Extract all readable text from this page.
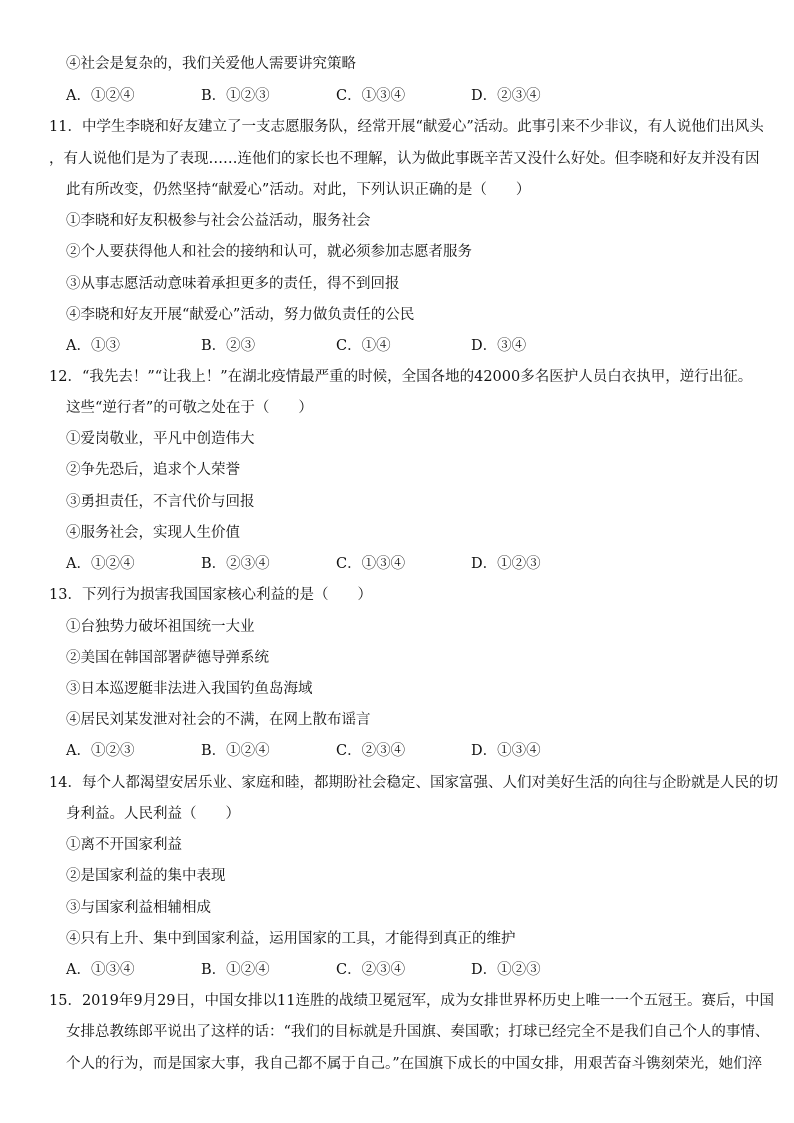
④社会是复杂的，我们关爱他人需要讲究策略
A．①②④	B．①②③	C．①③④	D．②③④
11．中学生李晓和好友建立了一支志愿服务队，经常开展“献爱心”活动。此事引来不少非议，有人说他们出风头
，有人说他们是为了表现……连他们的家长也不理解，认为做此事既辛苦又没什么好处。但李晓和好友并没有因
此有所改变，仍然坚持“献爱心”活动。对此，下列认识正确的是（　　）
①李晓和好友积极参与社会公益活动，服务社会
②个人要获得他人和社会的接纳和认可，就必须参加志愿者服务
③从事志愿活动意味着承担更多的责任，得不到回报
④李晓和好友开展“献爱心”活动，努力做负责任的公民
A．①③	B．②③	C．①④	D．③④
12．“我先去！”“让我上！”在湖北疫情最严重的时候，全国各地的42000多名医护人员白衣执甲，逆行出征。
这些“逆行者”的可敬之处在于（　　）
①爱岗敬业，平凡中创造伟大
②争先恐后，追求个人荣誉
③勇担责任，不言代价与回报
④服务社会，实现人生价值
A．①②④	B．②③④	C．①③④	D．①②③
13．下列行为损害我国国家核心利益的是（　　）
①台独势力破坏祖国统一大业
②美国在韩国部署萨德导弹系统
③日本巡逻艇非法进入我国钓鱼岛海域
④居民刘某发泄对社会的不满，在网上散布谣言
A．①②③	B．①②④	C．②③④	D．①③④
14．每个人都渴望安居乐业、家庭和睦，都期盼社会稳定、国家富强、人们对美好生活的向往与企盼就是人民的切
身利益。人民利益（　　）
①离不开国家利益
②是国家利益的集中表现
③与国家利益相辅相成
④只有上升、集中到国家利益，运用国家的工具，才能得到真正的维护
A．①③④	B．①②④	C．②③④	D．①②③
15．2019年9月29日，中国女排以11连胜的战绩卫冕冠军，成为女排世界杯历史上唯一一个五冠王。赛后，中国
女排总教练郎平说出了这样的话：“我们的目标就是升国旗、奏国歌；打球已经完全不是我们自己个人的事情、
个人的行为，而是国家大事，我自己都不属于自己。”在国旗下成长的中国女排，用艰苦奋斗镌刻荣光，她们淬
